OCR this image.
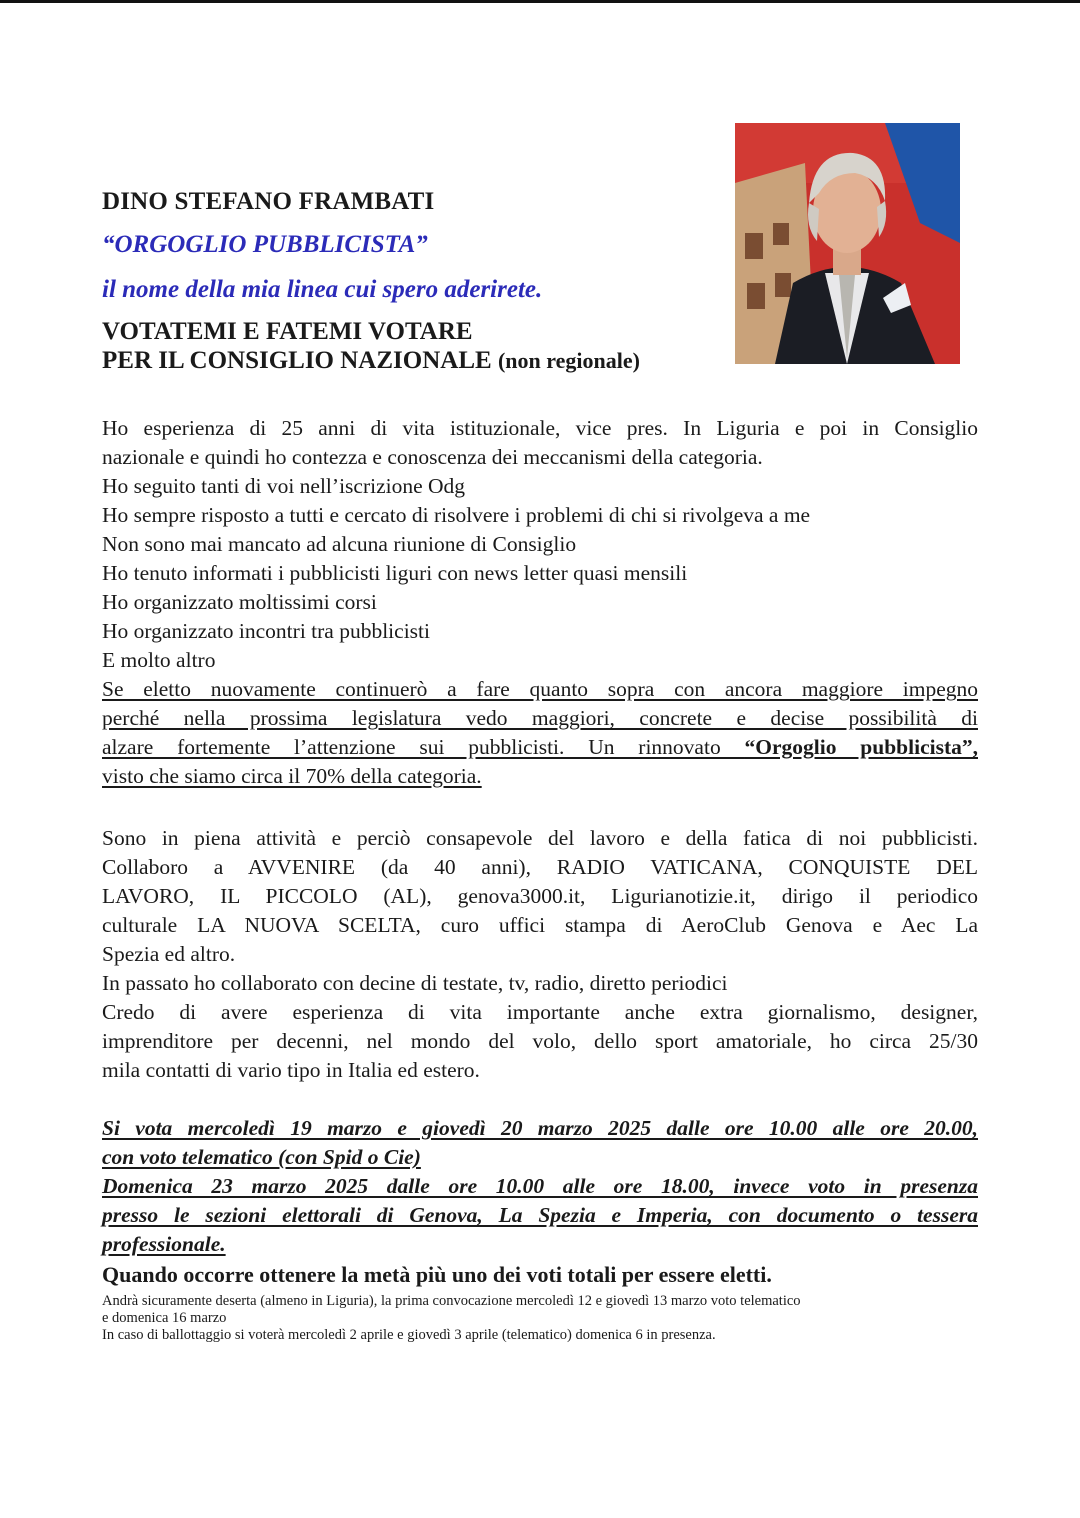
DINO STEFANO FRAMBATI
“ORGOGLIO PUBBLICISTA”
il nome della mia linea cui spero aderirete.
VOTATEMI E FATEMI VOTARE
PER IL CONSIGLIO NAZIONALE (non regionale)
Ho esperienza di 25 anni di vita istituzionale, vice pres. In Liguria e poi in Consiglio
nazionale e quindi ho contezza e conoscenza dei meccanismi della categoria.
Ho seguito tanti di voi nell’iscrizione Odg
Ho sempre risposto a tutti e cercato di risolvere i problemi di chi si rivolgeva a me
Non sono mai mancato ad alcuna riunione di Consiglio
Ho tenuto informati i pubblicisti liguri con news letter quasi mensili
Ho organizzato moltissimi corsi
Ho organizzato incontri tra pubblicisti
E molto altro
Se eletto nuovamente continuerò a fare quanto sopra con ancora maggiore impegno
perché nella prossima legislatura vedo maggiori, concrete e decise possibilità di
alzare fortemente l’attenzione sui pubblicisti. Un rinnovato “Orgoglio pubblicista”,
visto che siamo circa il 70% della categoria.
Sono in piena attività e perciò consapevole del lavoro e della fatica di noi pubblicisti.
Collaboro a AVVENIRE (da 40 anni), RADIO VATICANA, CONQUISTE DEL
LAVORO, IL PICCOLO (AL), genova3000.it, Ligurianotizie.it, dirigo il periodico
culturale LA NUOVA SCELTA, curo uffici stampa di AeroClub Genova e Aec La
Spezia ed altro.
In passato ho collaborato con decine di testate, tv, radio, diretto periodici
Credo di avere esperienza di vita importante anche extra giornalismo, designer,
imprenditore per decenni, nel mondo del volo, dello sport amatoriale, ho circa 25/30
mila contatti di vario tipo in Italia ed estero.
Si vota mercoledì 19 marzo e giovedì 20 marzo 2025 dalle ore 10.00 alle ore 20.00,
con voto telematico (con Spid o Cie)
Domenica 23 marzo 2025 dalle ore 10.00 alle ore 18.00, invece voto in presenza
presso le sezioni elettorali di Genova, La Spezia e Imperia, con documento o tessera
professionale.
Quando occorre ottenere la metà più uno dei voti totali per essere eletti.
Andrà sicuramente deserta (almeno in Liguria), la prima convocazione mercoledì 12 e giovedì 13 marzo voto telematico
e domenica 16 marzo
In caso di ballottaggio si voterà mercoledì 2 aprile e giovedì 3 aprile (telematico) domenica 6 in presenza.
